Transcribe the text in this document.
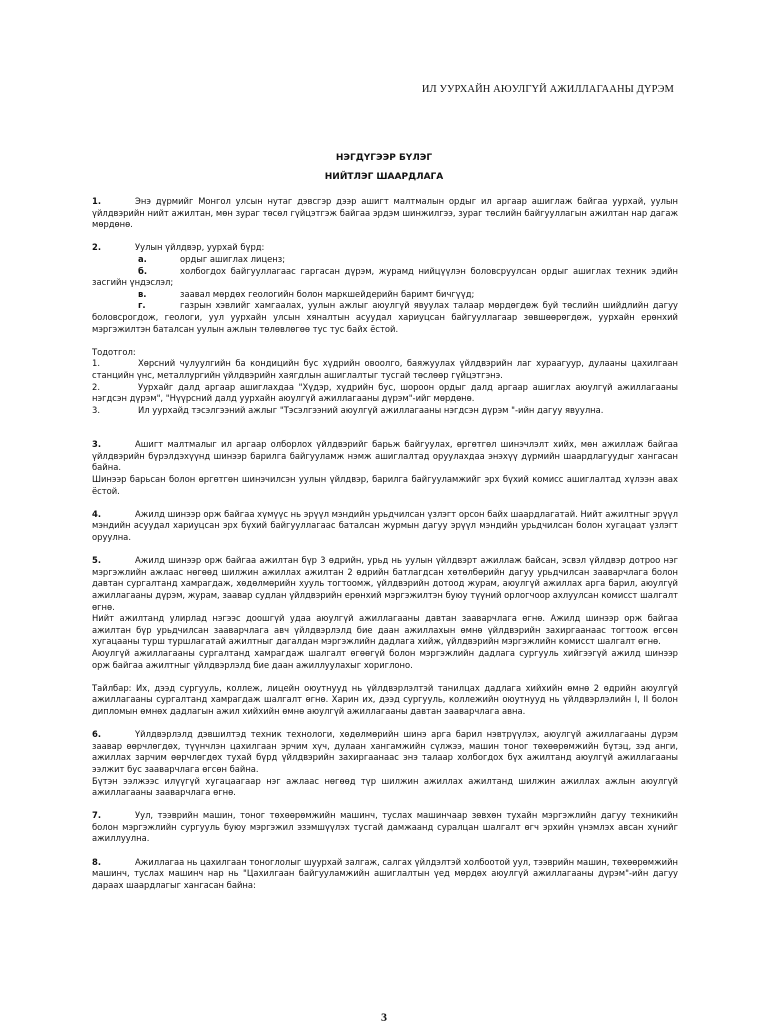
ИЛ УУРХАЙН АЮУЛГҮЙ АЖИЛЛАГААНЫ ДҮРЭМ
НЭГДҮГЭЭР БҮЛЭГ
НИЙТЛЭГ ШААРДЛАГА
1.	Энэ дүрмийг Монгол улсын нутаг дэвсгэр дээр ашигт малтмалын ордыг ил аргаар ашиглаж байгаа уурхай, уулын үйлдвэрийн нийт ажилтан, мөн зураг төсөл гүйцэтгэж байгаа эрдэм шинжилгээ, зураг төслийн байгууллагын ажилтан нар дагаж мөрдөнө.
2.	Уулын үйлдвэр, уурхай бүрд:
а.	ордыг ашиглах лиценз;
б.	холбогдох байгууллагаас гаргасан дүрэм, журамд нийцүүлэн боловсруулсан ордыг ашиглах техник эдийн засгийн үндэслэл;
в.	заавал мөрдөх геологийн болон маркшейдерийн баримт бичгүүд;
г.	газрын хэвлийг хамгаалах, уулын ажлыг аюулгүй явуулах талаар мөрдөгдөж буй төслийн шийдлийн дагуу боловсрогдож, геологи, уул уурхайн улсын хяналтын асуудал хариуцсан байгууллагаар зөвшөөрөгдөж, уурхайн ерөнхий мэргэжилтэн баталсан уулын ажлын төлөвлөгөө тус тус байх ёстой.
Тодотгол:
1.	Хөрсний чулуулгийн ба кондицийн бус хүдрийн овоолго, баяжуулах үйлдвэрийн лаг хураагуур, дулааны цахилгаан станцийн үнс, металлургийн үйлдвэрийн хаягдлын ашиглалтыг тусгай төслөөр гүйцэтгэнэ.
2.	Уурхайг далд аргаар ашиглахдаа "Хүдэр, хүдрийн бус, шороон ордыг далд аргаар ашиглах аюулгүй ажиллагааны нэгдсэн дүрэм", "Нүүрсний далд уурхайн аюулгүй ажиллагааны дүрэм"-ийг мөрдөнө.
3.	Ил уурхайд тэсэлгээний ажлыг "Тэсэлгээний аюулгүй ажиллагааны нэгдсэн дүрэм "-ийн дагуу явуулна.
3.	Ашигт малтмалыг ил аргаар олборлох үйлдвэрийг барьж байгуулах, өргөтгөл шинэчлэлт хийх, мөн ажиллаж байгаа үйлдвэрийн бүрэлдэхүүнд шинээр барилга байгууламж нэмж ашиглалтад оруулахдаа энэхүү дүрмийн шаардлагуудыг хангасан байна.
Шинээр барьсан болон өргөтгөн шинэчилсэн уулын үйлдвэр, барилга байгууламжийг эрх бүхий комисс ашиглалтад хүлээн авах ёстой.
4.	Ажилд шинээр орж байгаа хүмүүс нь эрүүл мэндийн урьдчилсан үзлэгт орсон байх шаардлагатай. Нийт ажилтныг эрүүл мэндийн асуудал хариуцсан эрх бүхий байгууллагаас баталсан журмын дагуу эрүүл мэндийн урьдчилсан болон хугацаат үзлэгт оруулна.
5.	Ажилд шинээр орж байгаа ажилтан бүр 3 өдрийн, урьд нь уулын үйлдвэрт ажиллаж байсан, эсвэл үйлдвэр дотроо нэг мэргэжлийн ажлаас нөгөөд шилжин ажиллах ажилтан 2 өдрийн батлагдсан хөтөлбөрийн дагуу урьдчилсан зааварчлага болон давтан сургалтанд хамрагдаж, хөдөлмөрийн хууль тогтоомж, үйлдвэрийн дотоод журам, аюулгүй ажиллах арга барил, аюулгүй ажиллагааны дүрэм, журам, заавар судлан үйлдвэрийн ерөнхий мэргэжилтэн буюу түүний орлогчоор ахлуулсан комисст шалгалт өгнө.
Нийт ажилтанд улирлад нэгээс доошгүй удаа аюулгүй ажиллагааны давтан зааварчлага өгнө. Ажилд шинээр орж байгаа ажилтан бүр урьдчилсан зааварчлага авч үйлдвэрлэлд бие даан ажиллахын өмнө үйлдвэрийн захиргаанаас тогтоож өгсөн хугацааны турш туршлагатай ажилтныг дагалдан мэргэжлийн дадлага хийж, үйлдвэрийн мэргэжлийн комисст шалгалт өгнө.
Аюулгүй ажиллагааны сургалтанд хамрагдаж шалгалт өгөөгүй болон мэргэжлийн дадлага сургууль хийгээгүй ажилд шинээр орж байгаа ажилтныг үйлдвэрлэлд бие даан ажиллуулахыг хориглоно.
Тайлбар: Их, дээд сургууль, коллеж, лицейн оюутнууд нь үйлдвэрлэлтэй танилцах дадлага хийхийн өмнө 2 өдрийн аюулгүй ажиллагааны сургалтанд хамрагдаж шалгалт өгнө. Харин их, дээд сургууль, коллежийн оюутнууд нь үйлдвэрлэлийн I, II болон дипломын өмнөх дадлагын ажил хийхийн өмнө аюулгүй ажиллагааны давтан зааварчлага авна.
6.	Үйлдвэрлэлд дэвшилтэд техник технологи, хөдөлмөрийн шинэ арга барил нэвтрүүлэх, аюулгүй ажиллагааны дүрэм заавар өөрчлөгдөх, түүнчлэн цахилгаан эрчим хүч, дулаан хангамжийн сүлжээ, машин тоног төхөөрөмжийн бүтэц, зэд анги, ажиллах зарчим өөрчлөгдөх тухай бүрд үйлдвэрийн захиргаанаас энэ талаар холбогдох бүх ажилтанд аюулгүй ажиллагааны ээлжит бус зааварчлага өгсөн байна.
Бүтэн ээлжээс илүүгүй хугацаагаар нэг ажлаас нөгөөд түр шилжин ажиллах ажилтанд шилжин ажиллах ажлын аюулгүй ажиллагааны зааварчлага өгнө.
7.	Уул, тээврийн машин, тоног төхөөрөмжийн машинч, туслах машинчаар зөвхөн тухайн мэргэжлийн дагуу техникийн болон мэргэжлийн сургууль буюу мэргэжил эзэмшүүлэх тусгай дамжаанд суралцан шалгалт өгч эрхийн үнэмлэх авсан хүнийг ажиллуулна.
8.	Ажиллагаа нь цахилгаан тоноглолыг шуурхай залгаж, салгах үйлдэлтэй холбоотой уул, тээврийн машин, төхөөрөмжийн машинч, туслах машинч нар нь "Цахилгаан байгууламжийн ашиглалтын үед мөрдөх аюулгүй ажиллагааны дүрэм"-ийн дагуу дараах шаардлагыг хангасан байна:
3
